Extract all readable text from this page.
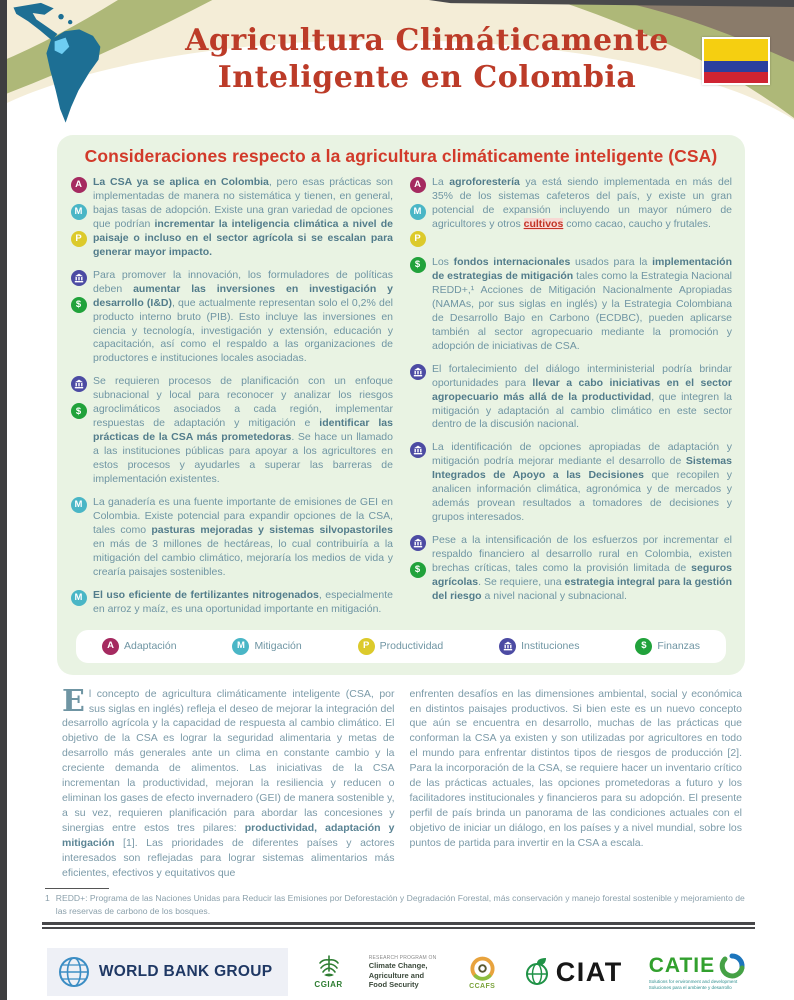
Agricultura Climáticamente
Inteligente en Colombia
Consideraciones respecto a la agricultura climáticamente inteligente (CSA)
A
M
P

La CSA ya se aplica en Colombia, pero esas prácticas son implementadas de manera no sistemática y tienen, en general, bajas tasas de adopción. Existe una gran variedad de opciones que podrían incrementar la inteligencia climática a nivel de paisaje o incluso en el sector agrícola si se escalan para generar mayor impacto.

$

Para promover la innovación, los formuladores de políticas deben aumentar las inversiones en investigación y desarrollo (I&D), que actualmente representan solo el 0,2% del producto interno bruto (PIB). Esto incluye las inversiones en ciencia y tecnología, investigación y extensión, educación y capacitación, así como el respaldo a las organizaciones de productores e instituciones locales asociadas.

$

Se requieren procesos de planificación con un enfoque subnacional y local para reconocer y analizar los riesgos agroclimáticos asociados a cada región, implementar respuestas de adaptación y mitigación e identificar las prácticas de la CSA más prometedoras. Se hace un llamado a las instituciones públicas para apoyar a los agricultores en estos procesos y ayudarles a superar las barreras de implementación existentes.

M	La ganadería es una fuente importante de emisiones de GEI en Colombia. Existe potencial para expandir opciones de la CSA, tales como pasturas mejoradas y sistemas silvopastoriles en más de 3 millones de hectáreas, lo cual contribuiría a la mitigación del cambio climático, mejoraría los medios de vida y crearía paisajes sostenibles.

M	El uso eficiente de fertilizantes nitrogenados, especialmente en arroz y maíz, es una oportunidad importante en mitigación.

A
M
P

La agroforestería ya está siendo implementada en más del 35% de los sistemas cafeteros del país, y existe un gran potencial de expansión incluyendo un mayor número de agricultores y otros cultivos como cacao, caucho y frutales.

$	Los fondos internacionales usados para la implementación de estrategias de mitigación tales como la Estrategia Nacional REDD+,¹ Acciones de Mitigación Nacionalmente Apropiadas (NAMAs, por sus siglas en inglés) y la Estrategia Colombiana de Desarrollo Bajo en Carbono (ECDBC), pueden aplicarse también al sector agropecuario mediante la promoción y adopción de iniciativas de CSA.

El fortalecimiento del diálogo interministerial podría brindar oportunidades para llevar a cabo iniciativas en el sector agropecuario más allá de la productividad, que integren la mitigación y adaptación al cambio climático en este sector dentro de la discusión nacional.

La identificación de opciones apropiadas de adaptación y mitigación podría mejorar mediante el desarrollo de Sistemas Integrados de Apoyo a las Decisiones que recopilen y analicen información climática, agronómica y de mercados y además provean resultados a tomadores de decisiones y grupos interesados.

$

Pese a la intensificación de los esfuerzos por incrementar el respaldo financiero al desarrollo rural en Colombia, existen brechas críticas, tales como la provisión limitada de seguros agrícolas. Se requiere, una estrategia integral para la gestión del riesgo a nivel nacional y subnacional.

A Adaptación	M Mitigación	P Productividad	Instituciones	$	Finanzas
El concepto de agricultura climáticamente inteligente (CSA, por sus siglas en inglés) refleja el deseo de mejorar la integración del desarrollo agrícola y la capacidad de respuesta al cambio climático. El objetivo de la CSA es lograr la seguridad alimentaria y metas de desarrollo más generales ante un clima en constante cambio y la creciente demanda de alimentos. Las iniciativas de la CSA incrementan la productividad, mejoran la resiliencia y reducen o eliminan los gases de efecto invernadero (GEI) de manera sostenible y, a su vez, requieren planificación para abordar las concesiones y sinergias entre estos tres pilares: productividad, adaptación y mitigación [1]. Las prioridades de diferentes países y actores interesados son reflejadas para lograr sistemas alimentarios más eficientes, efectivos y equitativos que
enfrenten desafíos en las dimensiones ambiental, social y económica en distintos paisajes productivos. Si bien este es un nuevo concepto que aún se encuentra en desarrollo, muchas de las prácticas que conforman la CSA ya existen y son utilizadas por agricultores en todo el mundo para enfrentar distintos tipos de riesgos de producción [2]. Para la incorporación de la CSA, se requiere hacer un inventario crítico de las prácticas actuales, las opciones prometedoras a futuro y los facilitadores institucionales y financieros para su adopción. El presente perfil de país brinda un panorama de las condiciones actuales con el objetivo de iniciar un diálogo, en los países y a nivel mundial, sobre los puntos de partida para invertir en la CSA a escala.
1 REDD+: Programa de las Naciones Unidas para Reducir las Emisiones por Deforestación y Degradación Forestal, más conservación y manejo forestal sostenible y mejoramiento de las reservas de carbono de los bosques.
WORLD BANK GROUP
CGIAR
RESEARCH PROGRAM ON
Climate Change, Agriculture and Food Security	CCAFS CIAT CATIE
Solutions for environment and development
Soluciones para el ambiente y desarrollo
